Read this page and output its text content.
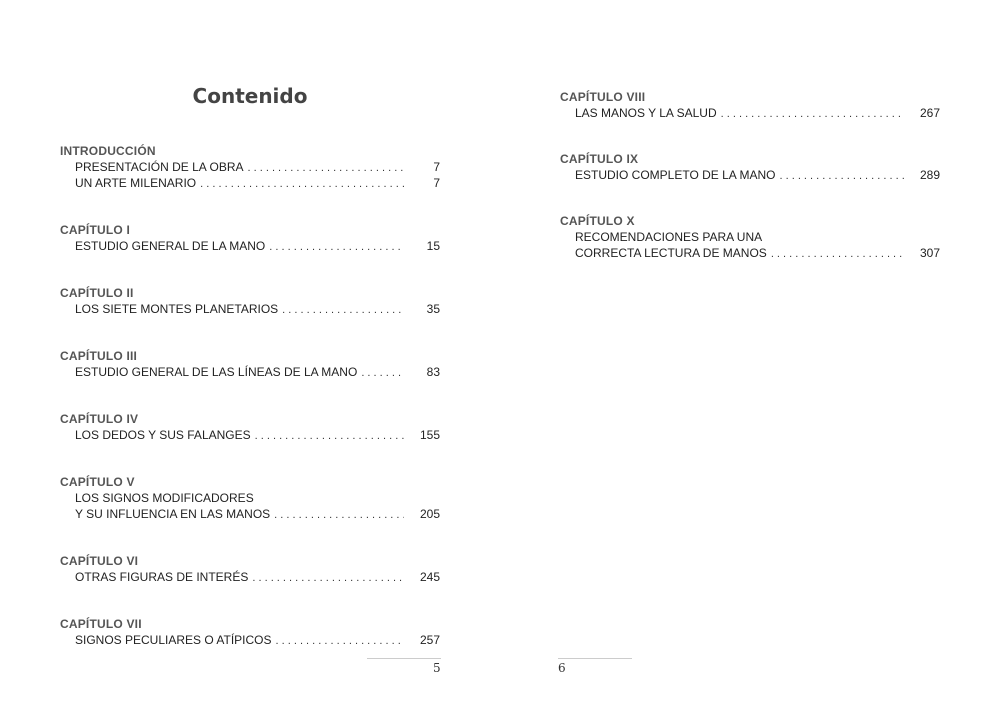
Contenido
INTRODUCCIÓN
PRESENTACIÓN DE LA OBRA . . .	7
UN ARTE MILENARIO . . .	7
CAPÍTULO I
ESTUDIO GENERAL DE LA MANO . . .	15
CAPÍTULO II
LOS SIETE MONTES PLANETARIOS . . .	35
CAPÍTULO III
ESTUDIO GENERAL DE LAS LÍNEAS DE LA MANO . . .	83
CAPÍTULO IV
LOS DEDOS Y SUS FALANGES . . .	155
CAPÍTULO V
LOS SIGNOS MODIFICADORES
Y SU INFLUENCIA EN LAS MANOS . . .	205
CAPÍTULO VI
OTRAS FIGURAS DE INTERÉS . . .	245
CAPÍTULO VII
SIGNOS PECULIARES O ATÍPICOS . . .	257
5
CAPÍTULO VIII
LAS MANOS Y LA SALUD . . .	267
CAPÍTULO IX
ESTUDIO COMPLETO DE LA MANO . . .	289
CAPÍTULO X
RECOMENDACIONES PARA UNA
CORRECTA LECTURA DE MANOS . . .	307
6
